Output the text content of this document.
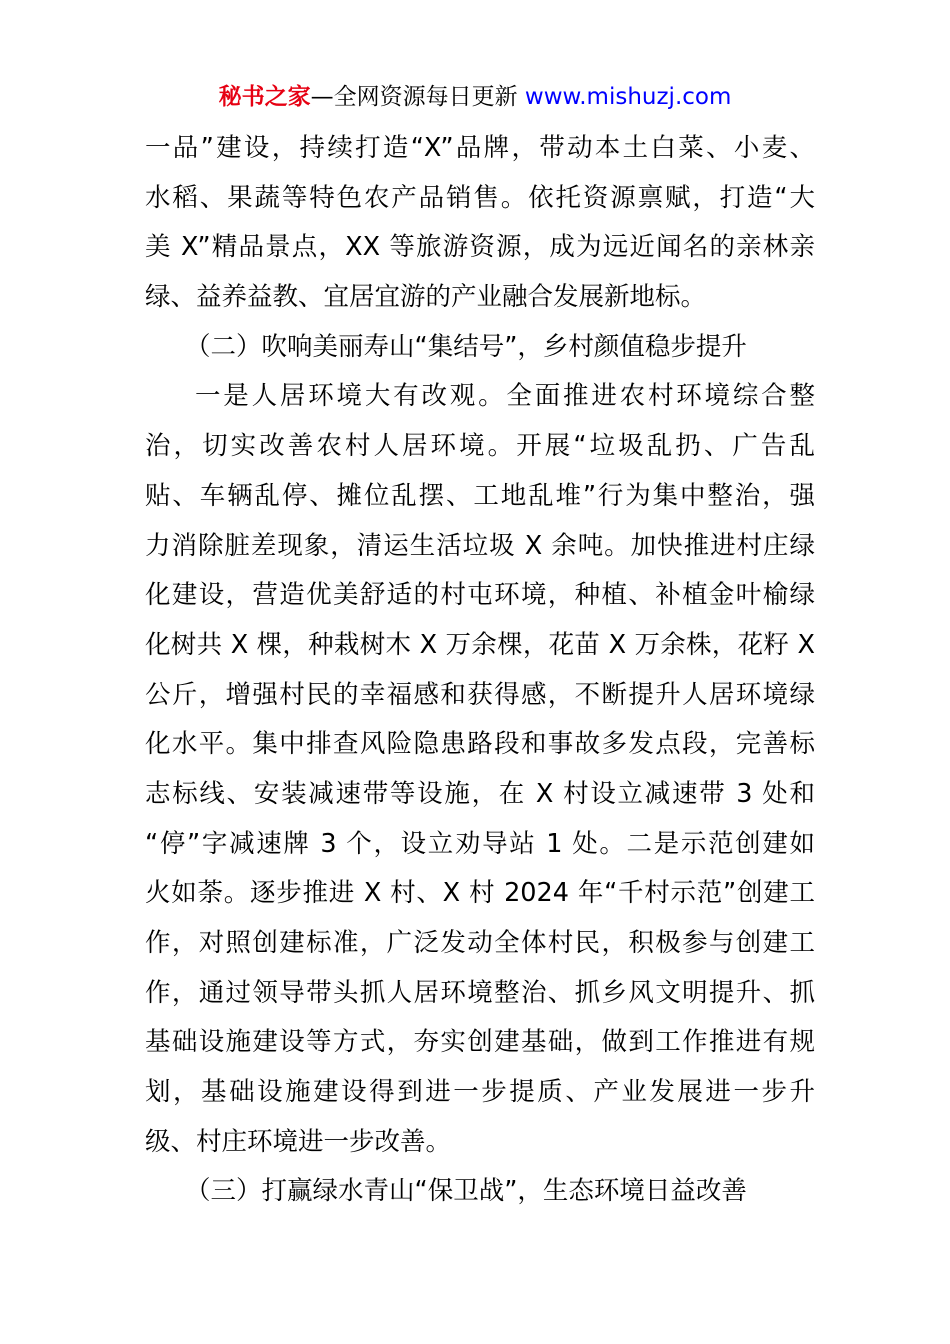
秘书之家—全网资源每日更新 www.mishuzj.com
一品”建设，持续打造“X”品牌，带动本土白菜、小麦、
水稻、果蔬等特色农产品销售。依托资源禀赋，打造“大
美 X”精品景点，XX 等旅游资源，成为远近闻名的亲林亲
绿、益养益教、宜居宜游的产业融合发展新地标。
（二）吹响美丽寿山“集结号”，乡村颜值稳步提升
一是人居环境大有改观。全面推进农村环境综合整
治，切实改善农村人居环境。开展“垃圾乱扔、广告乱
贴、车辆乱停、摊位乱摆、工地乱堆”行为集中整治，强
力消除脏差现象，清运生活垃圾 X 余吨。加快推进村庄绿
化建设，营造优美舒适的村屯环境，种植、补植金叶榆绿
化树共 X 棵，种栽树木 X 万余棵，花苗 X 万余株，花籽 X
公斤，增强村民的幸福感和获得感，不断提升人居环境绿
化水平。集中排查风险隐患路段和事故多发点段，完善标
志标线、安装减速带等设施，在 X 村设立减速带 3 处和
“停”字减速牌 3 个，设立劝导站 1 处。二是示范创建如
火如荼。逐步推进 X 村、X 村 2024 年“千村示范”创建工
作，对照创建标准，广泛发动全体村民，积极参与创建工
作，通过领导带头抓人居环境整治、抓乡风文明提升、抓
基础设施建设等方式，夯实创建基础，做到工作推进有规
划，基础设施建设得到进一步提质、产业发展进一步升
级、村庄环境进一步改善。
（三）打赢绿水青山“保卫战”，生态环境日益改善
